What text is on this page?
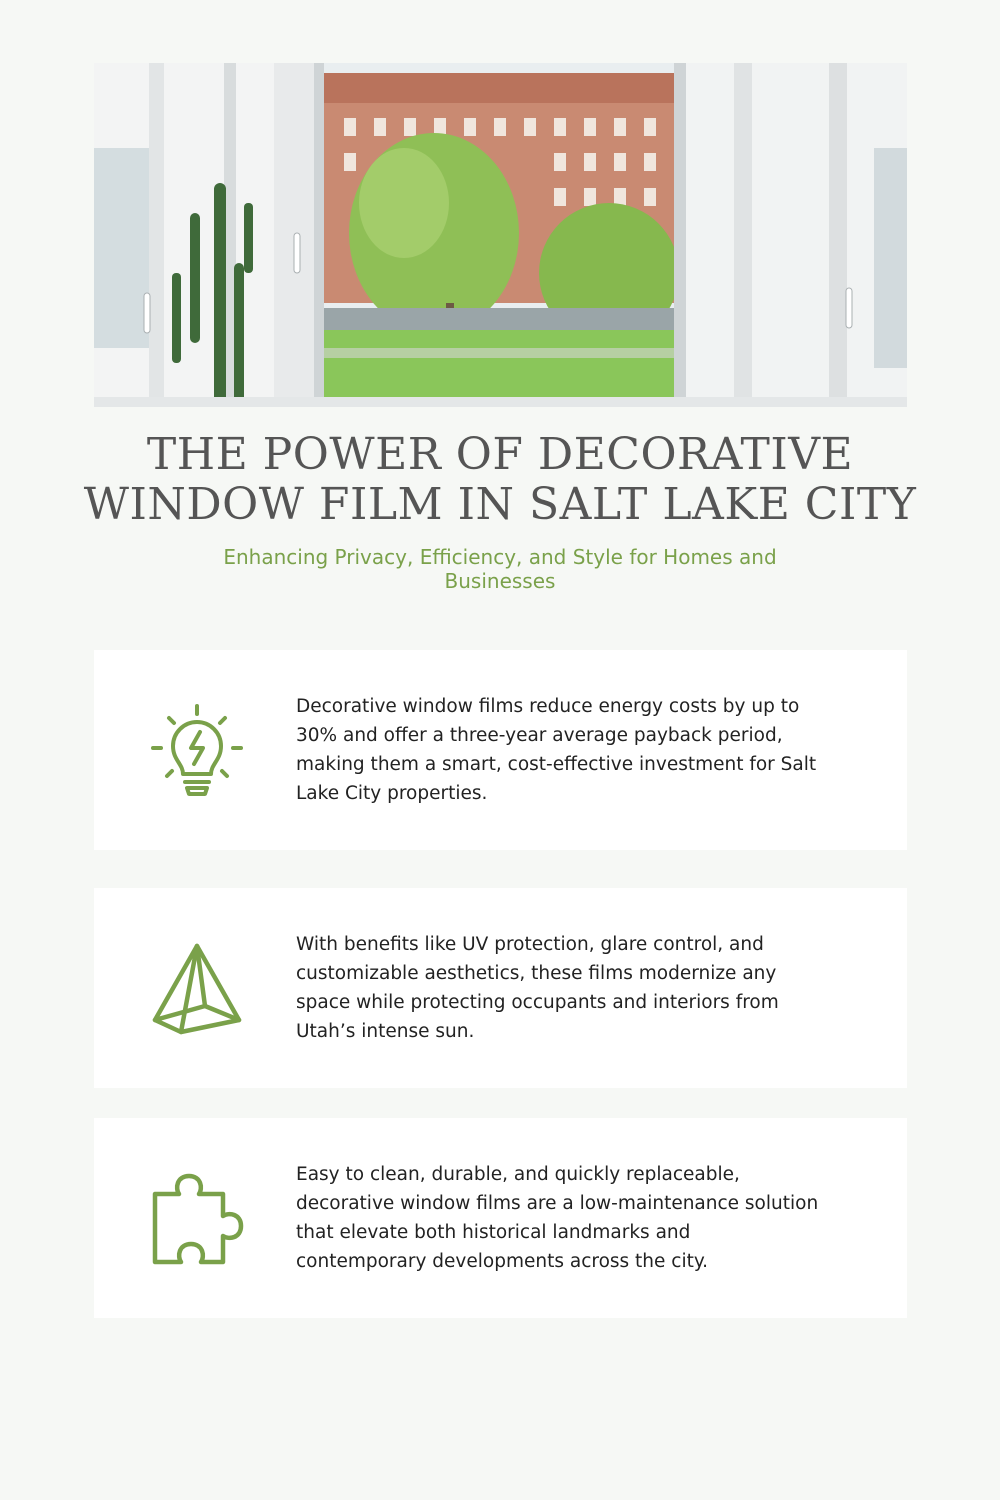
THE POWER OF DECORATIVE
WINDOW FILM IN SALT LAKE CITY

Enhancing Privacy, Efficiency, and Style for Homes and Businesses

Decorative window films reduce energy costs by up to 30% and offer a three-year average payback period, making them a smart, cost-effective investment for Salt Lake City properties.

With benefits like UV protection, glare control, and customizable aesthetics, these films modernize any space while protecting occupants and interiors from Utah’s intense sun.

Easy to clean, durable, and quickly replaceable, decorative window films are a low-maintenance solution that elevate both historical landmarks and contemporary developments across the city.
